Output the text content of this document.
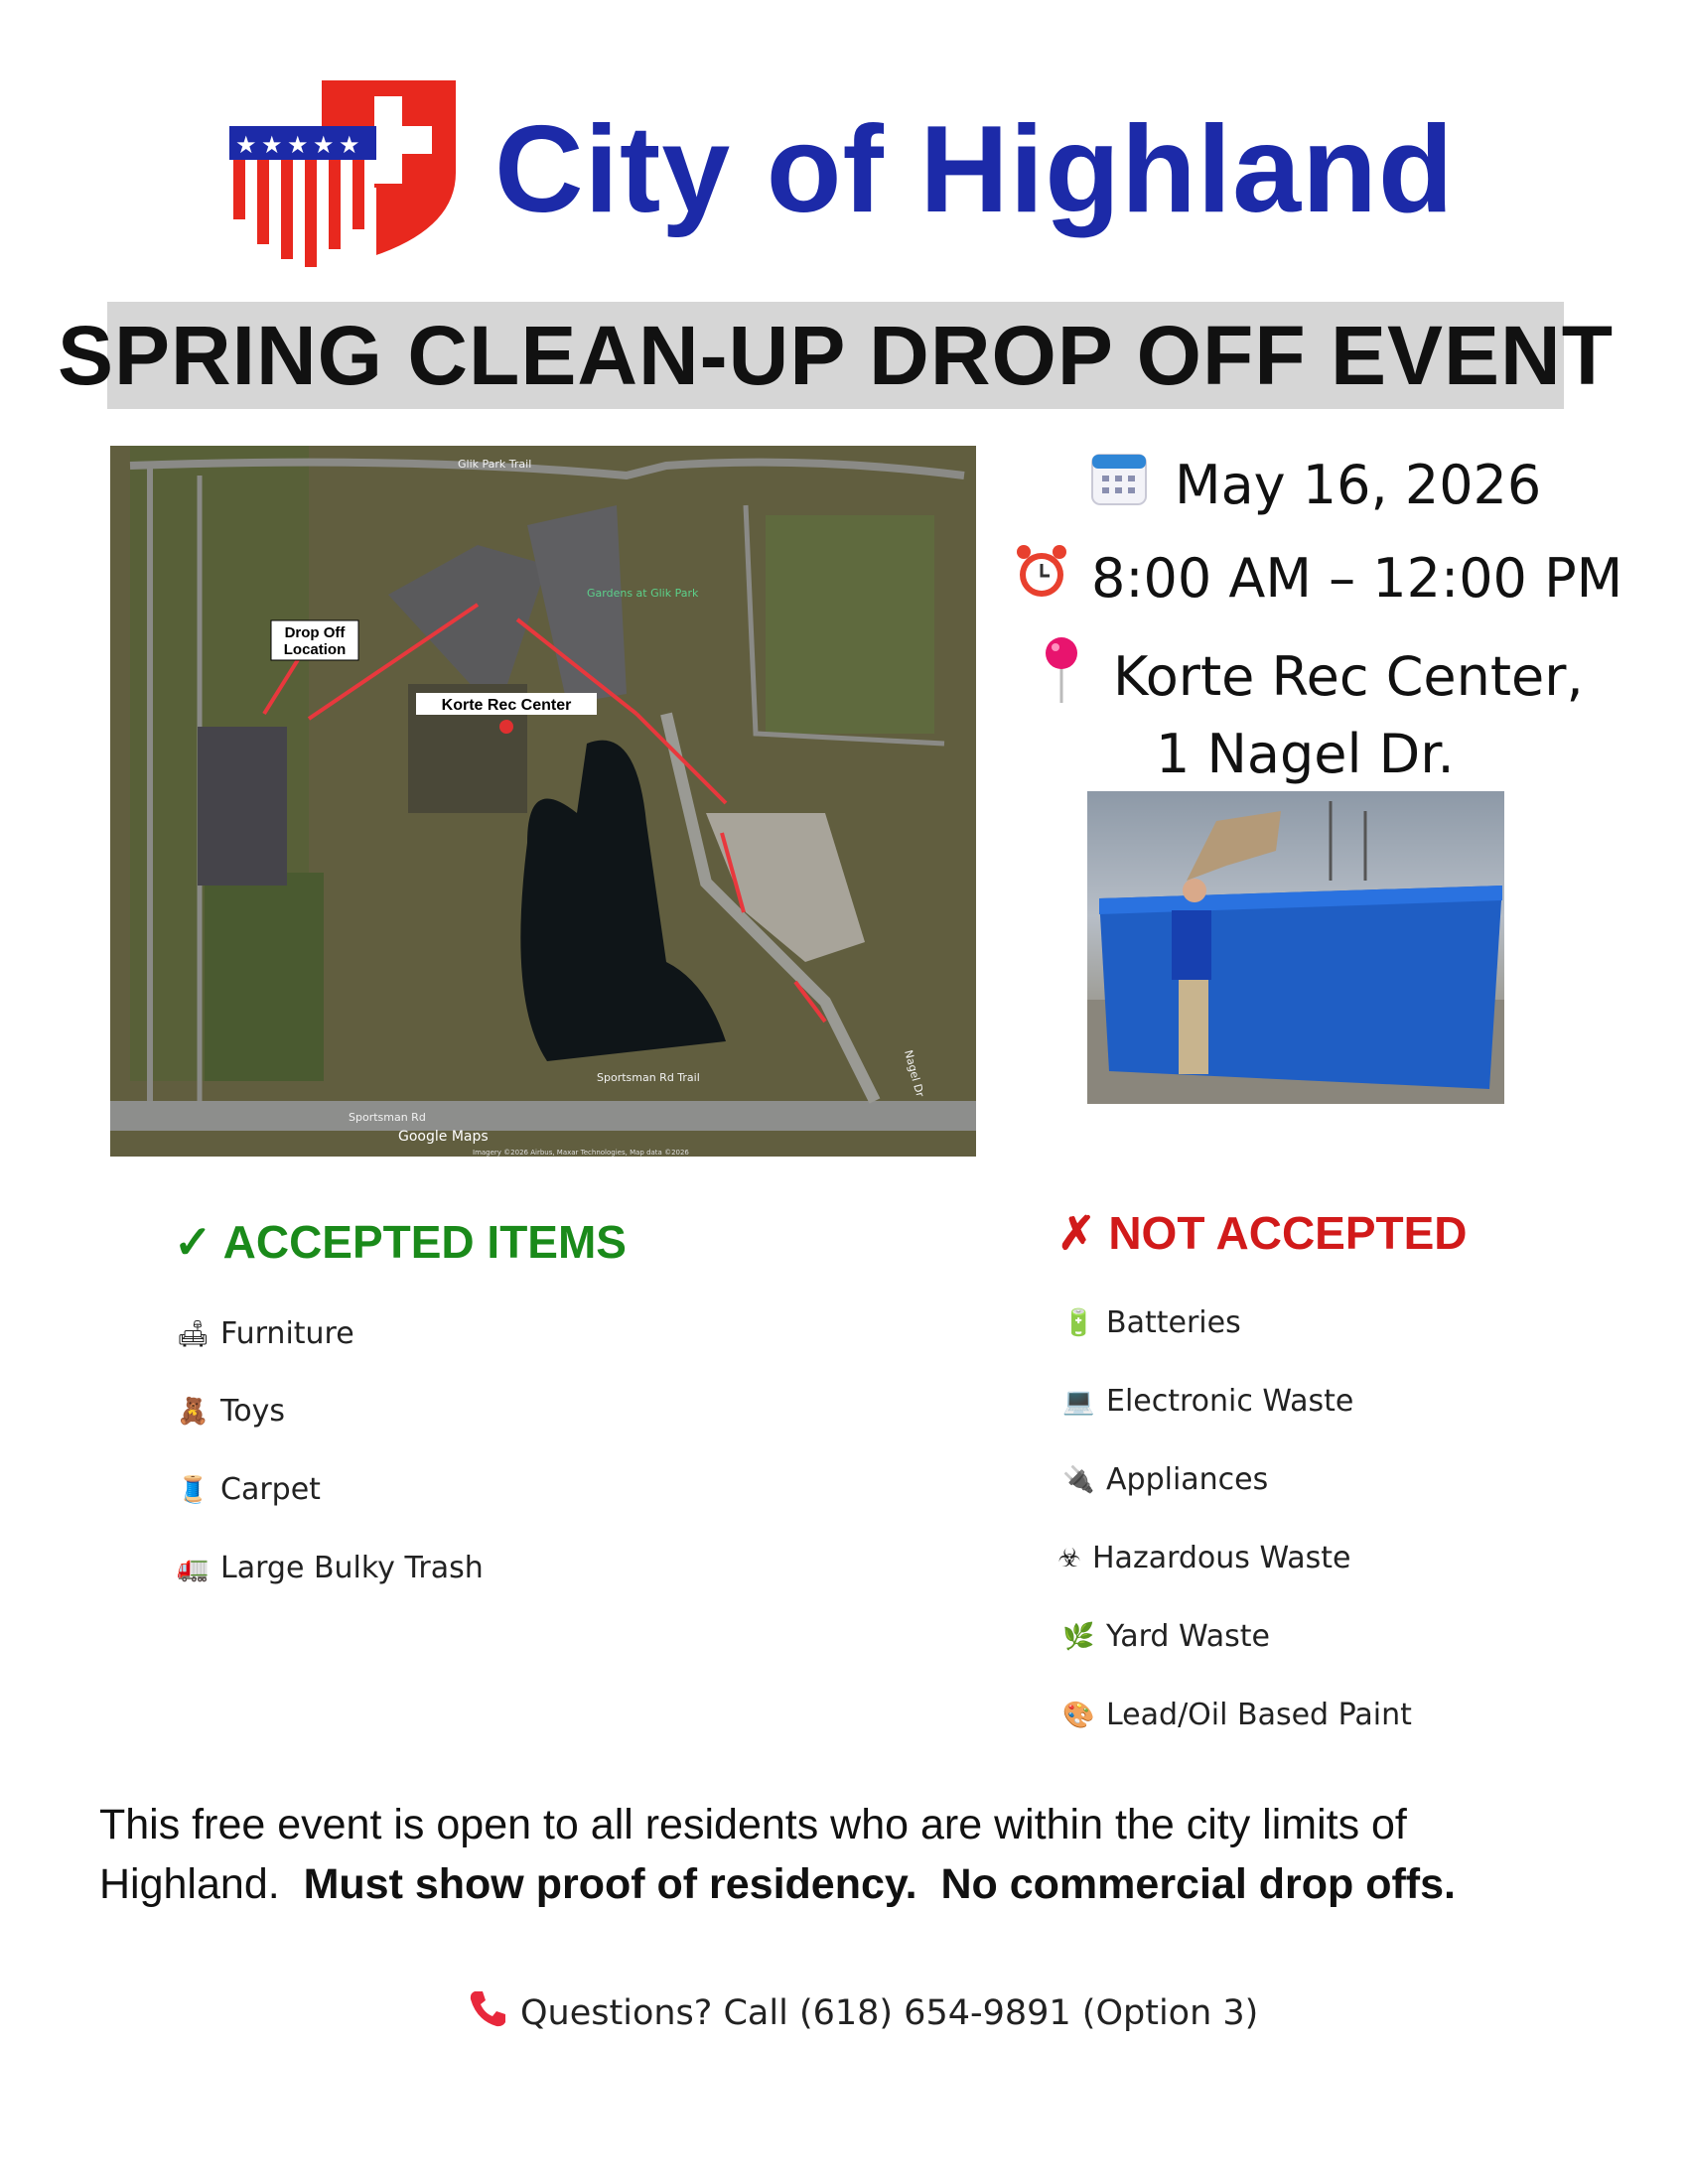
★ ★ ★ ★ ★ City of Highland
SPRING CLEAN-UP DROP OFF EVENT
Drop Off
Location
Korte Rec Center
Gardens at Glik Park
Glik Park Trail
Sportsman Rd Trail
Sportsman Rd
Nagel Dr
Google Maps
Imagery ©2026 Airbus, Maxar Technologies, Map data ©2026
May 16, 2026
8:00 AM – 12:00 PM
Korte Rec Center,
1 Nagel Dr.
✓ ACCEPTED ITEMS
🛋 Furniture
🧸 Toys
🧵 Carpet
🚛 Large Bulky Trash
✗ NOT ACCEPTED
🔋 Batteries
💻 Electronic Waste
🔌 Appliances
☣ Hazardous Waste
🌿 Yard Waste
🎨 Lead/Oil Based Paint
This free event is open to all residents who are within the city limits of Highland. Must show proof of residency. No commercial drop offs.
Questions? Call (618) 654-9891 (Option 3)
